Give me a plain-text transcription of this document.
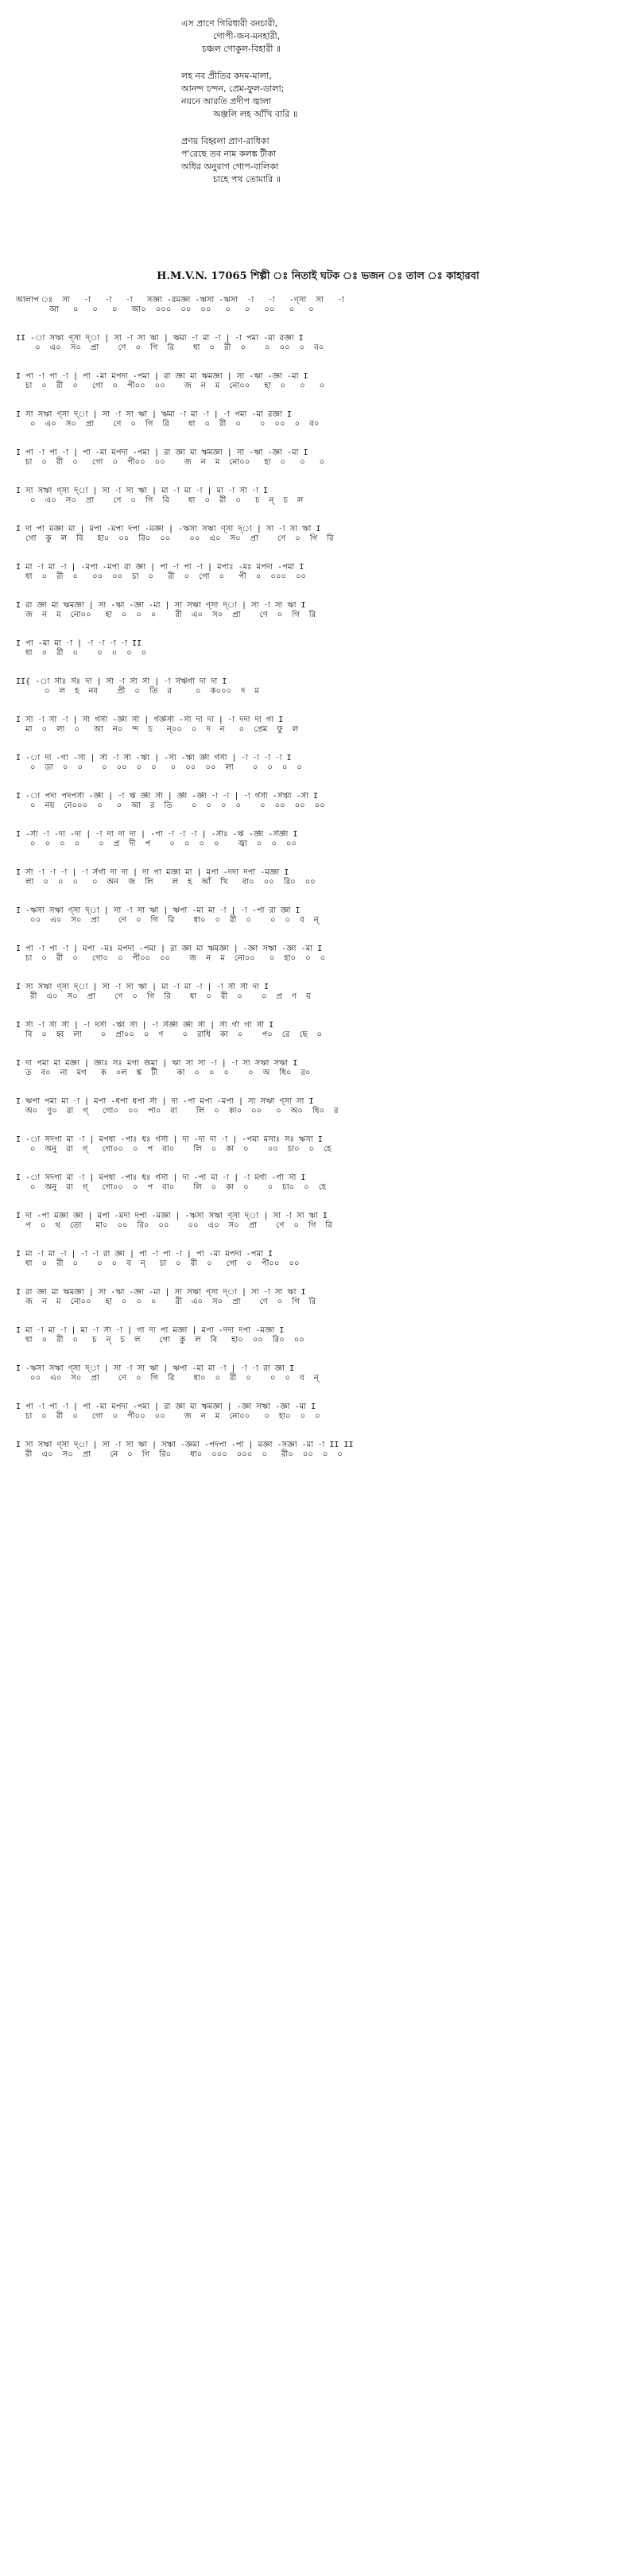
এস প্রাণে গিরিধারী বনচারী,
গোপী-জন-মনহারী,
চঞ্চল গোকুল-বিহারী ॥
লহ নব প্রীতির কদম-মালা,
আনন্দ চন্দন, প্রেম-ফুল-ডালা;
নয়নে আরতি প্রদীপ জ্বালা
অঞ্জলি লহ আঁখি বারি ॥
প্রণয় বিহ্বলা প্রাণ-রাধিকা
প'রেছে তব নাম কলঙ্ক টীকা
অধির অনুরাগ গোপ-বালিকা
চাহে পথ তোমারি ॥
H.M.V.N. 17065 শিল্পী ঃ নিতাই ঘটক ঃ ভজন ঃ তাল ঃ কাহারবা
আলাপ ঃ  সা   -া   -া   -া   সজ্ঞা -রমজ্ঞা -ঋসা -ঋসা  -া   -া   -ণ্‌সা  সা   -া
আ   ০   ০   ০   আ০  ০০০  ০০  ০০   ০   ০   ০০   ০   ০
II -া সঋা ণ্‌সা দ্‌া | সা -া সা ঋা | ঋমা -া মা -া | -া পমা -মা রজ্ঞা I
০  এ০  স০  প্রা    ণে  ০  গি  রি    ধা  ০  রী  ০    ০  ০০  ০  ব০
I পা -া পা -া | পা -মা মপদা -পমা | রা জ্ঞা মা ঋমজ্ঞা | সা -ঋা -জ্ঞা -মা I
চা  ০  রী  ০   গো  ০  পী০০  ০০    জ  ন  ম  নো০০   হা  ০   ০   ০
I সা সঋা ণ্‌সা দ্‌া | সা -া সা ঋা | ঋমা -া মা -া | -া পমা -মা রজ্ঞা I
০  এ০  স০  প্রা    ণে  ০  গি  রি    ধা  ০  রী  ০    ০  ০০  ০  ব০
I পা -া পা -া | পা -মা মপদা -পমা | রা জ্ঞা মা ঋমজ্ঞা | সা -ঋা -জ্ঞা -মা I
চা  ০  রী  ০   গো  ০  পী০০  ০০    জ  ন  ম  নো০০   হা  ০   ০   ০
I সা সঋা ণ্‌সা দ্‌া | সা -া সা ঋা | মা -া মা -া | মা -া র্সা -া I
০  এ০  স০  প্রা    ণে  ০  গি  রি    ধা  ০  রী  ০   চ  ন্  চ  ল
I দা পা মজ্ঞা মা | মপা -মপা দপা -মজ্ঞা | -ঋসা সঋা ণ্‌সা দ্‌া | সা -া সা ঋা I
গো  কু  ল  বি   হা০  ০০  রি০  ০০    ০০  এ০  স০  প্রা    ণে  ০  গি  রি
I মা -া মা -া | -মপা -মপা রা জ্ঞা | পা -া পা -া | মপাঃ -মঃ মপদা -পমা I
ধা  ০  রী  ০   ০০  ০০  চা  ০   রী  ০  গো  ০   পী  ০  ০০০  ০০
I রা জ্ঞা মা ঋমজ্ঞা | সা -ঋা -জ্ঞা -মা | সা সঋা ণ্‌সা দ্‌া | সা -া সা ঋা I
জ  ন  ম  নো০০   হা  ০  ০  ০    রী  এ০  স০  প্রা    ণে  ০  গি  রি
I পা -মা মা -া | -া -া -া -া II
ধা  ০  রী  ০    ০  ০  ০  ০
II{ -া র্সাঃ র্সঃ দা | র্সা -া র্সা র্সা | -া র্সর্ঋর্গা দা দা I
০  ল  হ  নব    প্রী  ০  তি  র     ০  ক০০০  দ  ম
I র্সা -া র্সা -া | র্সা র্গর্সা -র্জ্ঞা র্সা | র্গর্জ্ঞর্সা -র্সা দা দা | -া দদা দা গা I
মা  ০  লা  ০   আ  ন০  ন্দ  চ   ন্০০  ০  দ  ন   ০  প্রেম  ফু  ল
I -া দা -গা -র্সা | র্সা -া র্সা -র্ঋা | -র্সা -র্ঋা র্জ্ঞা র্গর্সা | -া -া -া -া I
০  ডা  ০  ০    ০  ০০  ০  ০   ০  ০০  ০০  লা    ০  ০  ০  ০
I -া পদা পদপর্সা -র্জ্ঞা | -া র্ঋ র্জ্ঞা র্সা | র্জ্ঞা -র্জ্ঞা -া -া | -া র্গর্সা -র্সর্ঋা -র্সা I
০  নয়  নে০০০  ০   ০  আ  র  তি    ০  ০  ০  ০    ০  ০০  ০০  ০০
I -র্সা -া -দা -দা | -া দা দা দা | -পা -া -া -া | -র্সাঃ -র্ঋ -র্জ্ঞা -র্সর্জ্ঞা I
০  ০  ০  ০    ০  প্র  দী  প    ০  ০  ০  ০    জ্বা  ০  ০  ০০
I র্সা -া -া -া | -া র্সর্গা দা দা | দা পা মজ্ঞা মা | মপা -দদা দপা -মজ্ঞা I
লা  ০  ০  ০   ০  অন  জ  লি    ল  হ  আঁ  খি   বা০  ০০  রি০  ০০
I -ঋসা সঋা ণ্‌সা দ্‌া | সা -া সা ঋা | ঋপা -মা মা -া | -া -পা রা জ্ঞা I
০০  এ০  স০  প্রা    ণে  ০  গি  রি    ধা০  ০  রী  ০    ০  ০  ব  ন্
I পা -া পা -া | মপা -মঃ মপদা -পমা | রা জ্ঞা মা ঋমজ্ঞা | -জ্ঞা সঋা -জ্ঞা -মা I
চা  ০  রী  ০   গো০  ০  পী০০  ০০    জ  ন  ম  নো০০   ০  হা০  ০  ০
I সা সঋা ণ্‌সা দ্‌া | সা -া সা ঋা | মা -া মা -া | -া র্সা র্সা দা I
রী  এ০  স০  প্রা    ণে  ০  গি  রি    ধা  ০  রী  ০    ০  প্র  ণ  য়
I র্সা -া র্সা র্সা | -া দর্সা -র্ঋা র্সা | -া র্সর্জ্ঞা র্জ্ঞা র্সা | র্সা র্গা গা র্সা I
বি  ০  হ্ব  লা    ০  প্রা০০  ০  ণ    ০  রাধি  কা  ০    প০  রে  ছে  ০
I দা পমা মা মজ্ঞা | জ্ঞাঃ সঃ মগা জমা | ঋা সা সা -া | -া সা সঋা সঋা I
ত  ব০  না  মগ   ক  ০ল  ঙ্ক  টী    কা  ০  ০  ০    ০  অ  ধি০  র০
I ঋপা পমা মা -া | মপা -ধপা ধপা র্সা | দা -পা মপা -মপা | সা সঋা ণ্‌সা সা I
অ০  ণু০  রা  গ্   গো০  ০০  পা০  বা    লি  ০  কা০  ০০   ০  অ০  ধি০  র
I -া সদগা মা -া | মপধা -পাঃ ধঃ র্গর্সা | দা -দা দা -া | -পমা মসাঃ সঃ ঋসা I
০  অনু  রা  গ্   গো০০  ০  প  বা০    লি  ০  কা  ০    ০০  চা০  ০  হে
I -া সদগা মা -া | মপধা -পাঃ ধঃ র্গর্সা | দা -পা মা -া | -া মর্গা -র্গা র্সা I
০  অনু  রা  গ্   গো০০  ০  প  বা০    লি  ০  কা  ০    ০  চা০  ০  হে
I দা -পা মজ্ঞা জ্ঞা | মপা -মদা দপা -মজ্ঞা | -ঋসা সঋা ণ্‌সা দ্‌া | সা -া সা ঋা I
প  ০  থ  তো   মা০  ০০  রি০  ০০    ০০  এ০  স০  প্রা    ণে  ০  গি  রি
I মা -া মা -া | -া -া রা জ্ঞা | পা -া পা -া | পা -মা মপদা -পমা I
ধা  ০  রী  ০    ০  ০  ব  ন্   চা  ০  রী  ০   গো  ০  পী০০  ০০
I রা জ্ঞা মা ঋমজ্ঞা | সা -ঋা -জ্ঞা -মা | সা সঋা ণ্‌সা দ্‌া | সা -া সা ঋা I
জ  ন  ম  নো০০   হা  ০  ০  ০    রী  এ০  স০  প্রা    ণে  ০  গি  রি
I মা -া মা -া | মা -া র্সা -া | গা দা পা মজ্ঞা | মপা -দদা দপা -মজ্ঞা I
ধা  ০  রী  ০   চ  ন্  চ  ল    গো  কু  ল  বি   হা০  ০০  রি০  ০০
I -ঋসা সঋা ণ্‌সা দ্‌া | সা -া সা ঋা | ঋপা -মা মা -া | -া -া রা জ্ঞা I
০০  এ০  স০  প্রা    ণে  ০  গি  রি    ধা০  ০  রী  ০    ০  ০  ব  ন্
I পা -া পা -া | পা -মা মপদা -পমা | রা জ্ঞা মা ঋমজ্ঞা | -জ্ঞা সঋা -জ্ঞা -মা I
চা  ০  রী  ০   গো  ০  পী০০  ০০    জ  ন  ম  নো০০   ০  হা০  ০  ০
I সা সঋা ণ্‌সা দ্‌া | সা -া সা ঋা | সঋা -জ্ঞমা -পদপা -পা | মজ্ঞা -সজ্ঞা -মা -া II II
রী  এ০  স০  প্রা    নে  ০  গি  রি০    ধা০  ০০০  ০০০  ০   রী০  ০০  ০  ০
